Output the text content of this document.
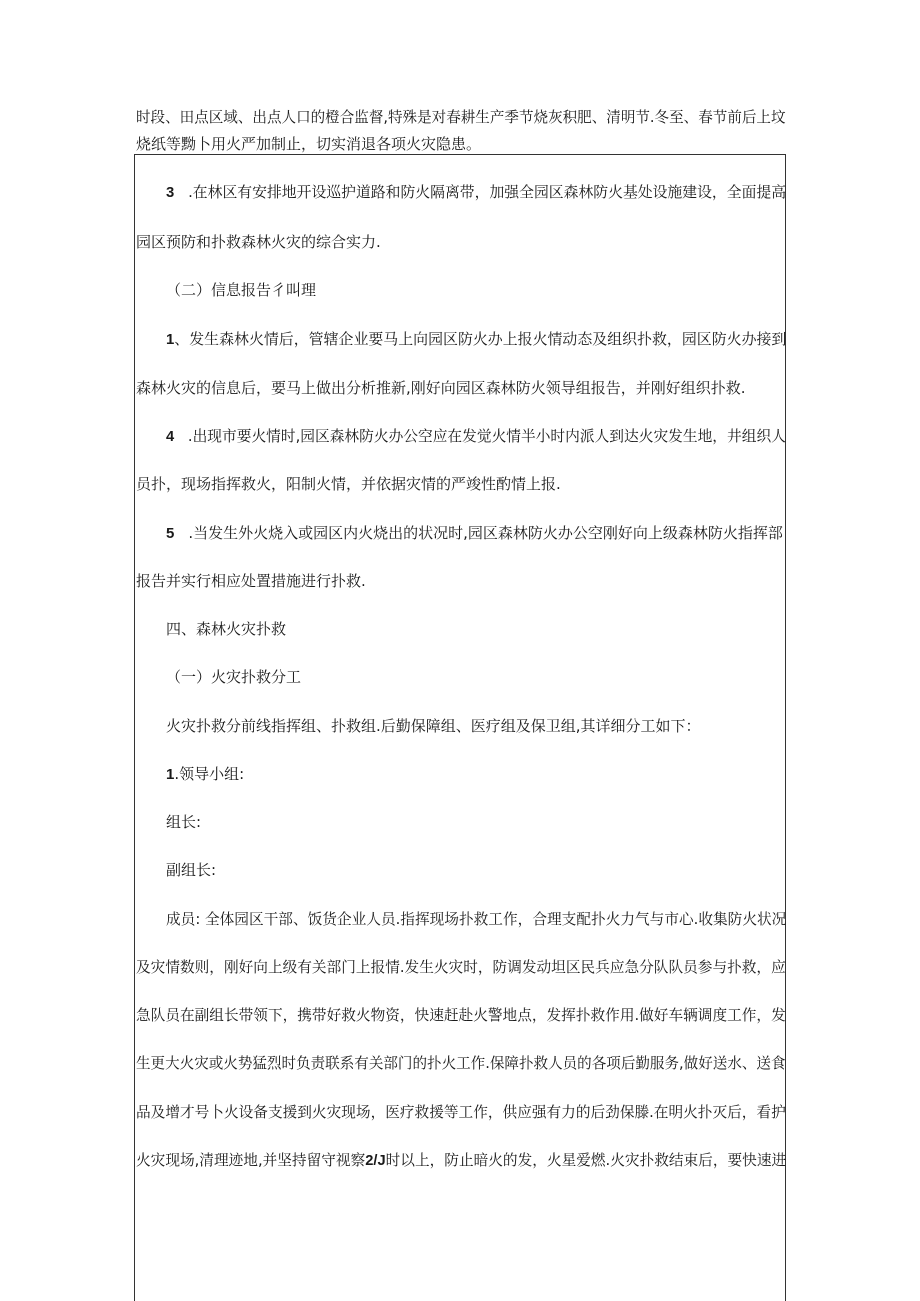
时段、田点区域、出点人口的橙合监督,特殊是对春耕生产季节烧灰积肥、清明节.冬至、春节前后上坟
烧纸等黝卜用火严加制止，切实消退各项火灾隐患。
3 .在林区有安排地开设巡护道路和防火隔离带，加强全园区森林防火基处设施建设，全面提高
园区预防和扑救森林火灾的综合实力.
（二）信息报告彳叫理
1、发生森林火情后，管辖企业要马上向园区防火办上报火情动态及组织扑救，园区防火办接到
森林火灾的信息后，要马上做出分析推新,刚好向园区森林防火领导组报告，并刚好组织扑救.
4 .出现市要火情时,园区森林防火办公空应在发觉火情半小时内派人到达火灾发生地，井组织人
员扑，现场指挥救火，阳制火情，并依据灾情的严竣性酌情上报.
5 .当发生外火烧入或园区内火烧出的状况时,园区森林防火办公空刚好向上级森林防火指挥部
报告并实行相应处置措施进行扑救.
四、森林火灾扑救
（一）火灾扑救分工
火灾扑救分前线指挥组、扑救组.后勤保障组、医疗组及保卫组,其详细分工如下：
1.领导小组:
组长:
副组长:
成员: 全体园区干部、饭货企业人员.指挥现场扑救工作，合理支配扑火力气与市心.收集防火状况
及灾情数则，刚好向上级有关部门上报情.发生火灾时，防调发动坦区民兵应急分队队员参与扑救，应
急队员在副组长带领下，携带好救火物资，快速赶赴火警地点，发挥扑救作用.做好车辆调度工作，发
生更大火灾或火势猛烈时负责联系有关部门的扑火工作.保障扑救人员的各项后勤服务,做好送水、送食
品及增才号卜火设备支援到火灾现场，医疗救援等工作，供应强有力的后劲保滕.在明火扑灭后，看护
火灾现场,清理迹地,并坚持留守视察2/J时以上，防止暗火的发，火星爱燃.火灾扑救结束后，要快速进
